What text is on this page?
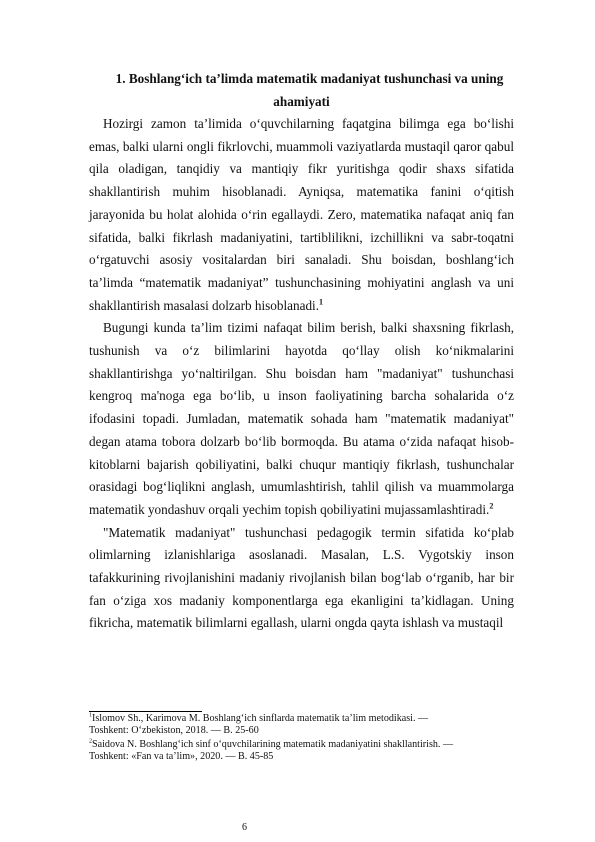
1. Boshlang‘ich ta’limda matematik madaniyat tushunchasi va uning
ahamiyati

Hozirgi zamon ta’limida o‘quvchilarning faqatgina bilimga ega bo‘lishi emas, balki ularni ongli fikrlovchi, muammoli vaziyatlarda mustaqil qaror qabul qila oladigan, tanqidiy va mantiqiy fikr yuritishga qodir shaxs sifatida shakllantirish muhim hisoblanadi. Ayniqsa, matematika fanini o‘qitish jarayonida bu holat alohida o‘rin egallaydi. Zero, matematika nafaqat aniq fan sifatida, balki fikrlash madaniyatini, tartiblilikni, izchillikni va sabr-toqatni o‘rgatuvchi asosiy vositalardan biri sanaladi. Shu boisdan, boshlang‘ich ta’limda “matematik madaniyat” tushunchasining mohiyatini anglash va uni shakllantirish masalasi dolzarb hisoblanadi.$^1$

Bugungi kunda ta’lim tizimi nafaqat bilim berish, balki shaxsning fikrlash, tushunish va o‘z bilimlarini hayotda qo‘llay olish ko‘nikmalarini shakllantirishga yo‘naltirilgan. Shu boisdan ham "madaniyat" tushunchasi kengroq ma'noga ega bo‘lib, u inson faoliyatining barcha sohalarida o‘z ifodasini topadi. Jumladan, matematik sohada ham "matematik madaniyat" degan atama tobora dolzarb bo‘lib bormoqda. Bu atama o‘zida nafaqat hisob-kitoblarni bajarish qobiliyatini, balki chuqur mantiqiy fikrlash, tushunchalar orasidagi bog‘liqlikni anglash, umumlashtirish, tahlil qilish va muammolarga matematik yondashuv orqali yechim topish qobiliyatini mujassamlashtiradi.$^2$

"Matematik madaniyat" tushunchasi pedagogik termin sifatida ko‘plab olimlarning izlanishlariga asoslanadi. Masalan, L.S. Vygotskiy inson tafakkurining rivojlanishini madaniy rivojlanish bilan bog‘lab o‘rganib, har bir fan o‘ziga xos madaniy komponentlarga ega ekanligini ta’kidlagan. Uning fikricha, matematik bilimlarni egallash, ularni ongda qayta ishlash va mustaqil

$^1$Islomov Sh., Karimova M. Boshlang‘ich sinflarda matematik ta’lim metodikasi. —
Toshkent: O‘zbekiston, 2018. — B. 25-60
$^2$Saidova N. Boshlang‘ich sinf o‘quvchilarining matematik madaniyatini shakllantirish. —
Toshkent: «Fan va ta’lim», 2020. — B. 45-85
6
